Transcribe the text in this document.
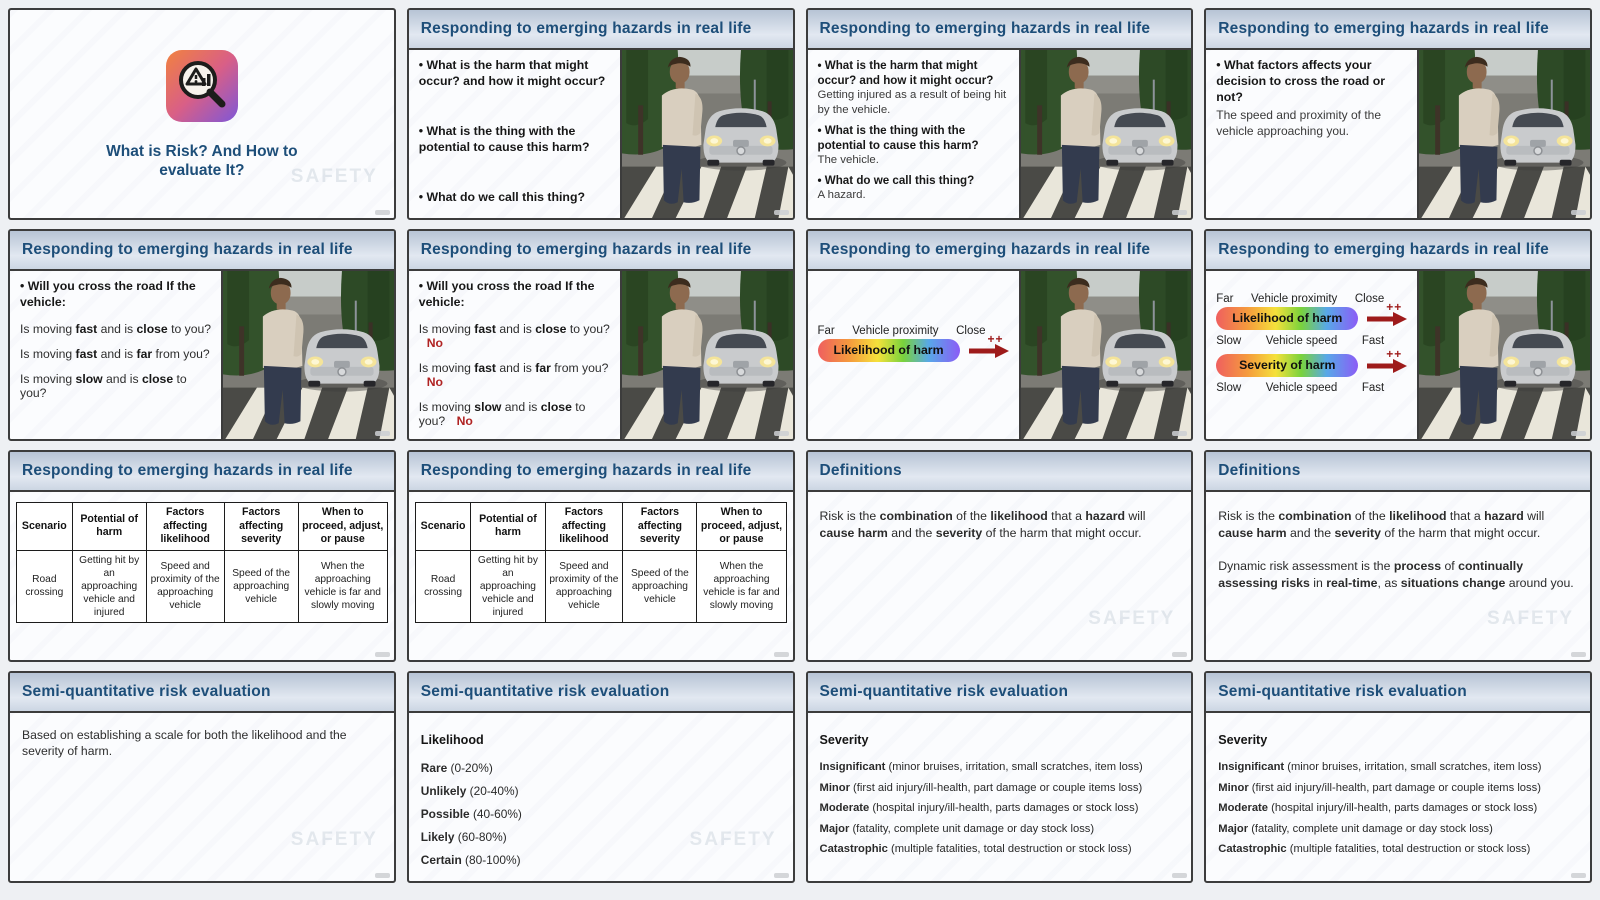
What is Risk? And How to evaluate It?	SAFETY
Responding to emerging hazards in real life
• What is the harm that might occur? and how it might occur?
• What is the thing with the potential to cause this harm?
• What do we call this thing?
Responding to emerging hazards in real life
• What is the harm that might occur? and how it might occur?
Getting injured as a result of being hit by the vehicle.
• What is the thing with the potential to cause this harm?
The vehicle.
• What do we call this thing?
A hazard.
Responding to emerging hazards in real life
• What factors affects your decision to cross the road or not?
The speed and proximity of the vehicle approaching you.
Responding to emerging hazards in real life
• Will you cross the road If the vehicle:
Is moving fast and is close to you?
Is moving fast and is far from you?
Is moving slow and is close to you?
Responding to emerging hazards in real life
• Will you cross the road If the vehicle:
Is moving fast and is close to you? No
Is moving fast and is far from you? No
Is moving slow and is close to you? No
Responding to emerging hazards in real life
Far	Vehicle proximity	Close
Likelihood of harm
++
Responding to emerging hazards in real life
Far	Vehicle proximity	Close
Likelihood of harm
++
Slow	Vehicle speed	Fast
Severity of harm
++
Slow	Vehicle speed	Fast
Responding to emerging hazards in real life
Scenario	Potential of harm	Factors affecting likelihood	Factors affecting severity	When to proceed, adjust, or pause
Road crossing	Getting hit by an approaching vehicle and injured	Speed and proximity of the approaching vehicle	Speed of the approaching vehicle	When the approaching vehicle is far and slowly moving
Responding to emerging hazards in real life
Scenario	Potential of harm	Factors affecting likelihood	Factors affecting severity	When to proceed, adjust, or pause
Road crossing	Getting hit by an approaching vehicle and injured	Speed and proximity of the approaching vehicle	Speed of the approaching vehicle	When the approaching vehicle is far and slowly moving
Definitions

Risk is the combination of the likelihood that a hazard will cause harm and the severity of the harm that might occur.

SAFETY
Definitions

Risk is the combination of the likelihood that a hazard will cause harm and the severity of the harm that might occur.

Dynamic risk assessment is the process of continually assessing risks in real-time, as situations change around you.

SAFETY
Semi-quantitative risk evaluation

Based on establishing a scale for both the likelihood and the severity of harm.

SAFETY
Semi-quantitative risk evaluation
Likelihood
Rare (0-20%)
Unlikely (20-40%)
Possible (40-60%)
Likely (60-80%)
Certain (80-100%)
SAFETY
Semi-quantitative risk evaluation
Severity
Insignificant (minor bruises, irritation, small scratches, item loss)
Minor (first aid injury/ill-health, part damage or couple items loss)
Moderate (hospital injury/ill-health, parts damages or stock loss)
Major (fatality, complete unit damage or day stock loss)
Catastrophic (multiple fatalities, total destruction or stock loss)
Semi-quantitative risk evaluation
Severity
Insignificant (minor bruises, irritation, small scratches, item loss)
Minor (first aid injury/ill-health, part damage or couple items loss)
Moderate (hospital injury/ill-health, parts damages or stock loss)
Major (fatality, complete unit damage or day stock loss)
Catastrophic (multiple fatalities, total destruction or stock loss)
